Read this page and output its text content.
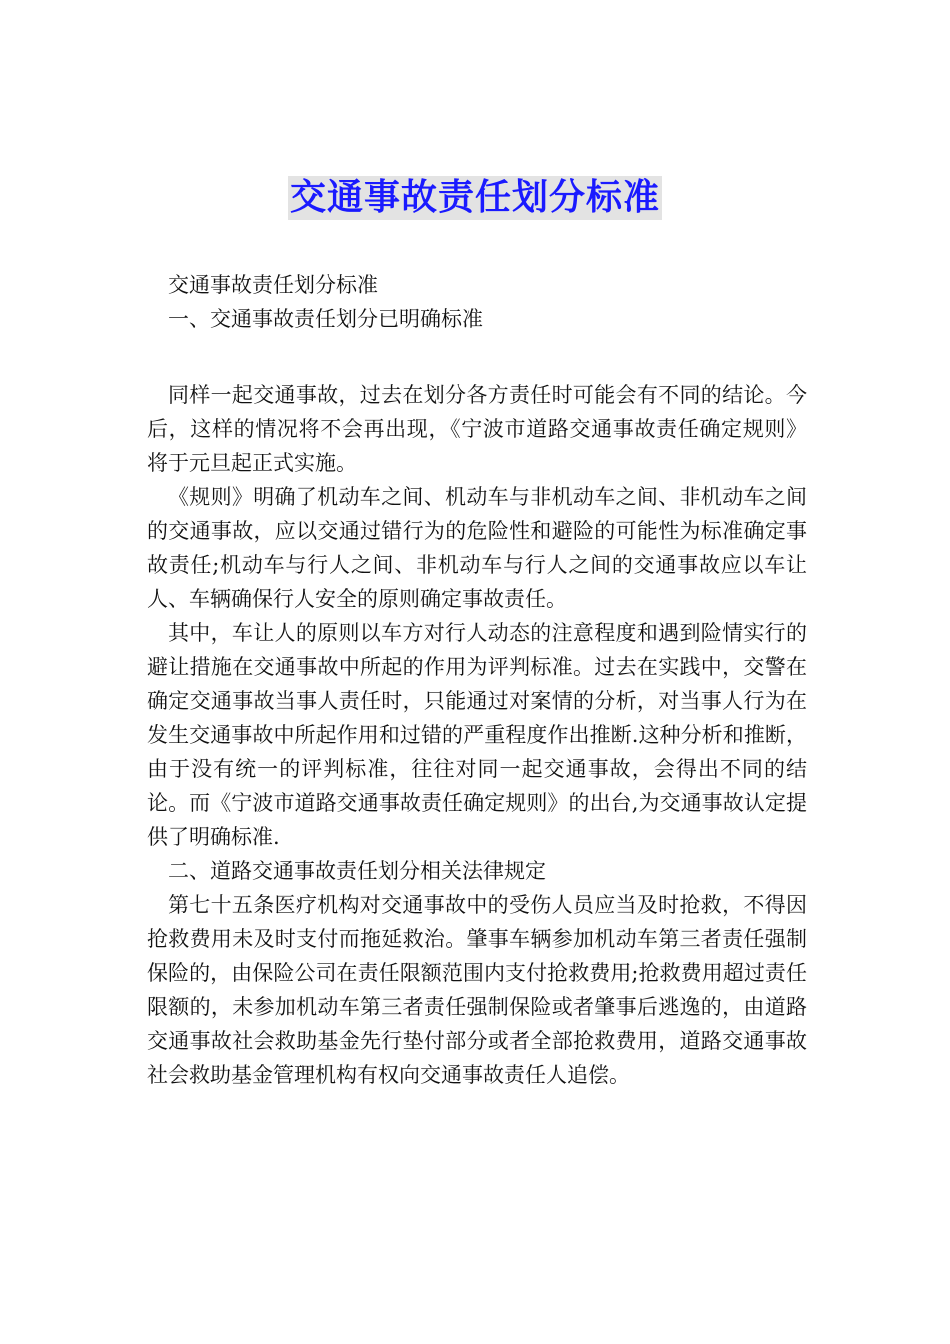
交通事故责任划分标准

交通事故责任划分标准

一、交通事故责任划分已明确标准

同样一起交通事故，过去在划分各方责任时可能会有不同的结论。今后，这样的情况将不会再出现，《宁波市道路交通事故责任确定规则》将于元旦起正式实施。

《规则》明确了机动车之间、机动车与非机动车之间、非机动车之间的交通事故，应以交通过错行为的危险性和避险的可能性为标准确定事故责任;机动车与行人之间、非机动车与行人之间的交通事故应以车让人、车辆确保行人安全的原则确定事故责任。

其中，车让人的原则以车方对行人动态的注意程度和遇到险情实行的避让措施在交通事故中所起的作用为评判标准。过去在实践中，交警在确定交通事故当事人责任时，只能通过对案情的分析，对当事人行为在发生交通事故中所起作用和过错的严重程度作出推断.这种分析和推断，由于没有统一的评判标准，往往对同一起交通事故，会得出不同的结论。而《宁波市道路交通事故责任确定规则》的出台,为交通事故认定提供了明确标准.

二、道路交通事故责任划分相关法律规定

第七十五条医疗机构对交通事故中的受伤人员应当及时抢救，不得因抢救费用未及时支付而拖延救治。肇事车辆参加机动车第三者责任强制保险的，由保险公司在责任限额范围内支付抢救费用;抢救费用超过责任限额的，未参加机动车第三者责任强制保险或者肇事后逃逸的，由道路交通事故社会救助基金先行垫付部分或者全部抢救费用，道路交通事故社会救助基金管理机构有权向交通事故责任人追偿。
